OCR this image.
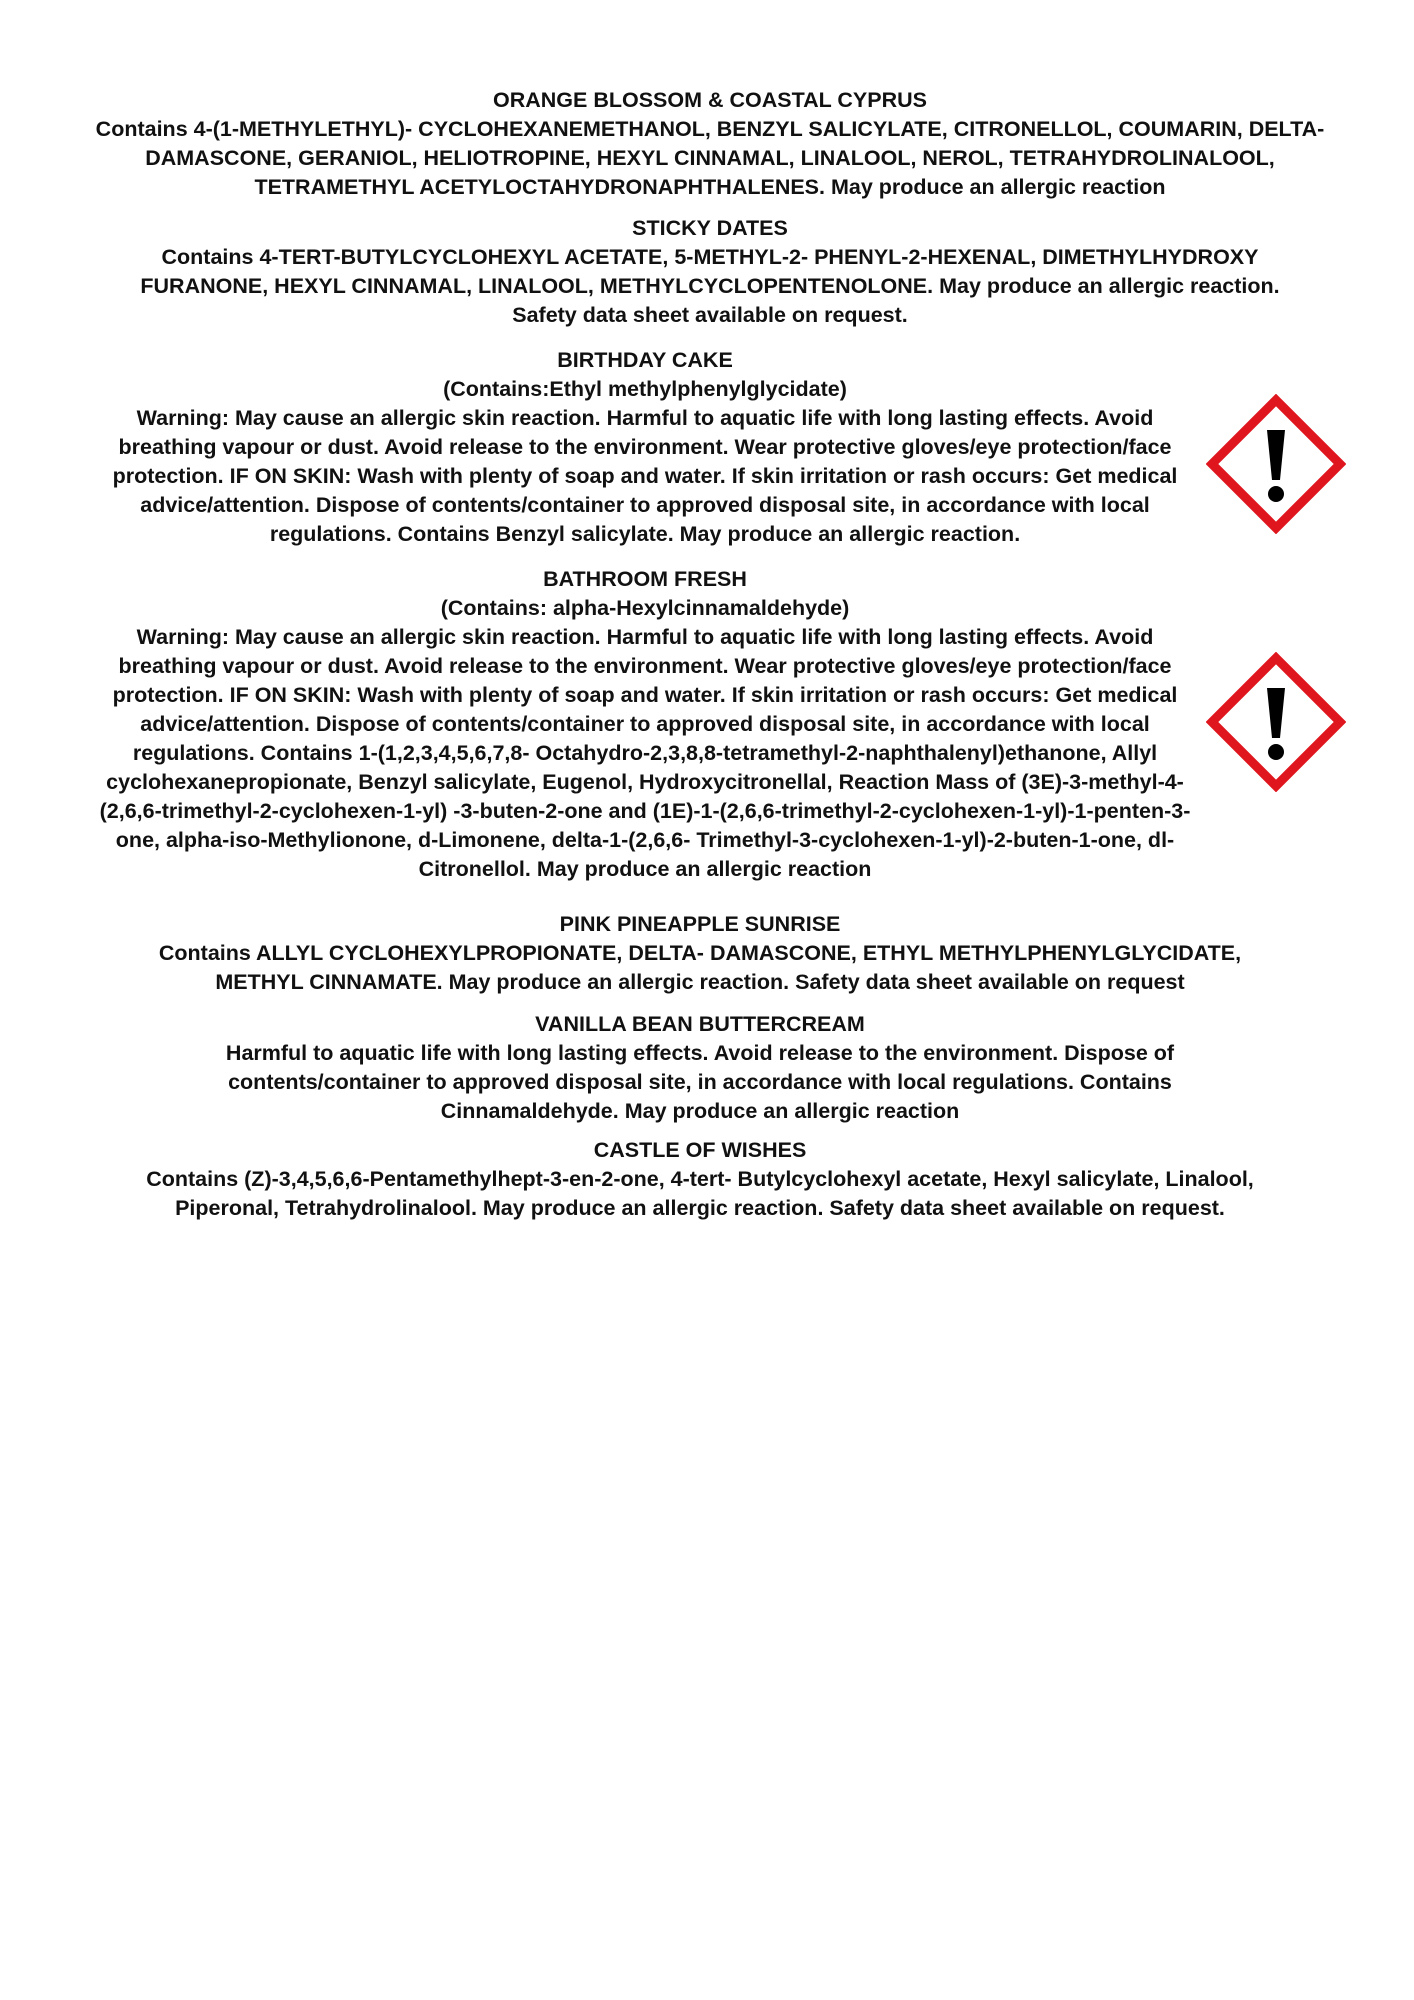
ORANGE BLOSSOM & COASTAL CYPRUS
Contains 4-(1-METHYLETHYL)- CYCLOHEXANEMETHANOL, BENZYL SALICYLATE, CITRONELLOL, COUMARIN, DELTA-DAMASCONE, GERANIOL, HELIOTROPINE, HEXYL CINNAMAL, LINALOOL, NEROL, TETRAHYDROLINALOOL, TETRAMETHYL ACETYLOCTAHYDRONAPHTHALENES. May produce an allergic reaction
STICKY DATES
Contains 4-TERT-BUTYLCYCLOHEXYL ACETATE, 5-METHYL-2- PHENYL-2-HEXENAL, DIMETHYLHYDROXY FURANONE, HEXYL CINNAMAL, LINALOOL, METHYLCYCLOPENTENOLONE. May produce an allergic reaction. Safety data sheet available on request.
BIRTHDAY CAKE
(Contains:Ethyl methylphenylglycidate)
Warning: May cause an allergic skin reaction. Harmful to aquatic life with long lasting effects. Avoid breathing vapour or dust. Avoid release to the environment. Wear protective gloves/eye protection/face protection. IF ON SKIN: Wash with plenty of soap and water. If skin irritation or rash occurs: Get medical advice/attention. Dispose of contents/container to approved disposal site, in accordance with local regulations. Contains Benzyl salicylate. May produce an allergic reaction.
BATHROOM FRESH
(Contains: alpha-Hexylcinnamaldehyde)
Warning: May cause an allergic skin reaction. Harmful to aquatic life with long lasting effects. Avoid breathing vapour or dust. Avoid release to the environment. Wear protective gloves/eye protection/face protection. IF ON SKIN: Wash with plenty of soap and water. If skin irritation or rash occurs: Get medical advice/attention. Dispose of contents/container to approved disposal site, in accordance with local regulations. Contains 1-(1,2,3,4,5,6,7,8- Octahydro-2,3,8,8-tetramethyl-2-naphthalenyl)ethanone, Allyl cyclohexanepropionate, Benzyl salicylate, Eugenol, Hydroxycitronellal, Reaction Mass of (3E)-3-methyl-4-(2,6,6-trimethyl-2-cyclohexen-1-yl) -3-buten-2-one and (1E)-1-(2,6,6-trimethyl-2-cyclohexen-1-yl)-1-penten-3-one, alpha-iso-Methylionone, d-Limonene, delta-1-(2,6,6- Trimethyl-3-cyclohexen-1-yl)-2-buten-1-one, dl-Citronellol. May produce an allergic reaction
PINK PINEAPPLE SUNRISE
Contains ALLYL CYCLOHEXYLPROPIONATE, DELTA- DAMASCONE, ETHYL METHYLPHENYLGLYCIDATE, METHYL CINNAMATE. May produce an allergic reaction. Safety data sheet available on request
VANILLA BEAN BUTTERCREAM
Harmful to aquatic life with long lasting effects. Avoid release to the environment. Dispose of contents/container to approved disposal site, in accordance with local regulations. Contains Cinnamaldehyde. May produce an allergic reaction
CASTLE OF WISHES
Contains (Z)-3,4,5,6,6-Pentamethylhept-3-en-2-one, 4-tert- Butylcyclohexyl acetate, Hexyl salicylate, Linalool, Piperonal, Tetrahydrolinalool. May produce an allergic reaction. Safety data sheet available on request.
